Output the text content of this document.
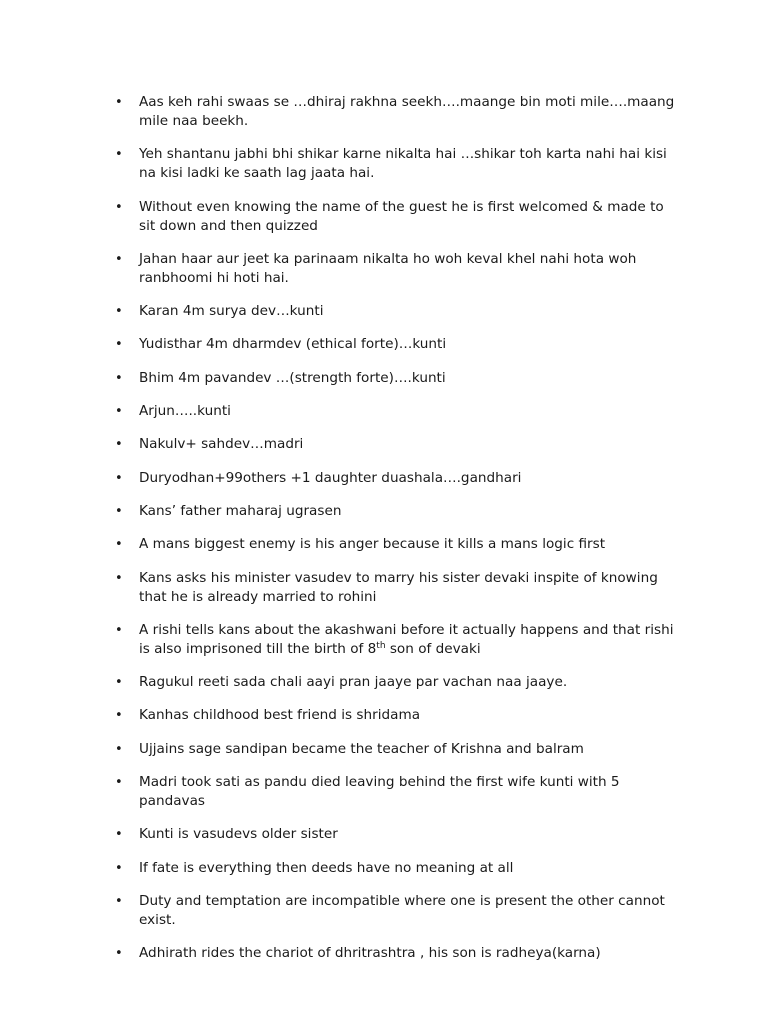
• Aas keh rahi swaas se …dhiraj rakhna seekh….maange bin moti mile….maang mile naa beekh.
• Yeh shantanu jabhi bhi shikar karne nikalta hai …shikar toh karta nahi hai kisi na kisi ladki ke saath lag jaata hai.
• Without even knowing the name of the guest he is first welcomed & made to sit down and then quizzed
• Jahan haar aur jeet ka parinaam nikalta ho woh keval khel nahi hota woh ranbhoomi hi hoti hai.
• Karan 4m surya dev…kunti
• Yudisthar 4m dharmdev (ethical forte)…kunti
• Bhim 4m pavandev …(strength forte)….kunti
• Arjun…..kunti
• Nakulv+ sahdev…madri
• Duryodhan+99others +1 daughter duashala….gandhari
• Kans’ father maharaj ugrasen
• A mans biggest enemy is his anger because it kills a mans logic first
• Kans asks his minister vasudev to marry his sister devaki inspite of knowing that he is already married to rohini
• A rishi tells kans about the akashwani before it actually happens and that rishi is also imprisoned till the birth of 8th son of devaki
• Ragukul reeti sada chali aayi pran jaaye par vachan naa jaaye.
• Kanhas childhood best friend is shridama
• Ujjains sage sandipan became the teacher of Krishna and balram
• Madri took sati as pandu died leaving behind the first wife kunti with 5 pandavas
• Kunti is vasudevs older sister
• If fate is everything then deeds have no meaning at all
• Duty and temptation are incompatible where one is present the other cannot exist.
• Adhirath rides the chariot of dhritrashtra , his son is radheya(karna)
